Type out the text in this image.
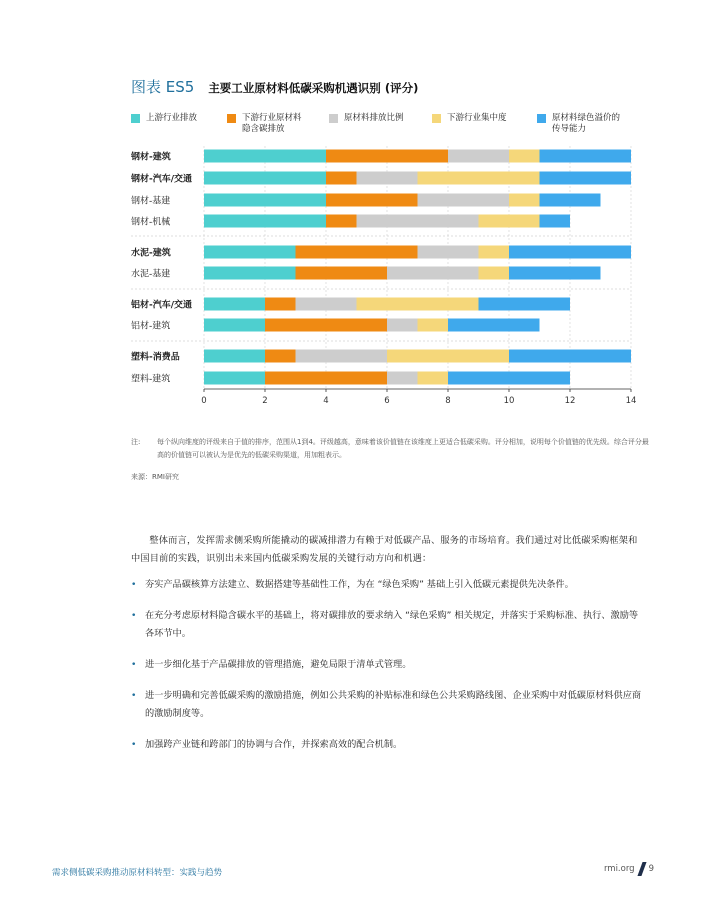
图表 ES5 主要工业原材料低碳采购机遇识别 (评分)
上游行业排放	下游行业原材料
隐含碳排放
原材料排放比例	下游行业集中度	原材料绿色溢价的
传导能力
钢材-建筑
钢材-汽车/交通
钢材-基建
钢材-机械
水泥-建筑
水泥-基建
铝材-汽车/交通
铝材-建筑
塑料-消费品
塑料-建筑
0	2	4	6	8	10	12	14
注:	每个纵向维度的评级来自于值的排序，范围从1到4。评级越高，意味着该价值链在该维度上更适合低碳采购。评分相加，说明每个价值链的优先级。综合评分最高的价值链可以被认为是优先的低碳采购渠道，用加粗表示。
来源：RMI研究

整体而言，发挥需求侧采购所能撬动的碳减排潜力有赖于对低碳产品、服务的市场培育。我们通过对比低碳采购框架和中国目前的实践，识别出未来国内低碳采购发展的关键行动方向和机遇：

• 夯实产品碳核算方法建立、数据搭建等基础性工作，为在 “绿色采购” 基础上引入低碳元素提供先决条件。
• 在充分考虑原材料隐含碳水平的基础上，将对碳排放的要求纳入 “绿色采购” 相关规定，并落实于采购标准、执行、激励等各环节中。
• 进一步细化基于产品碳排放的管理措施，避免局限于清单式管理。
• 进一步明确和完善低碳采购的激励措施，例如公共采购的补贴标准和绿色公共采购路线图、企业采购中对低碳原材料供应商的激励制度等。
• 加强跨产业链和跨部门的协调与合作，并探索高效的配合机制。
需求侧低碳采购推动原材料转型：实践与趋势	rmi.org 9
